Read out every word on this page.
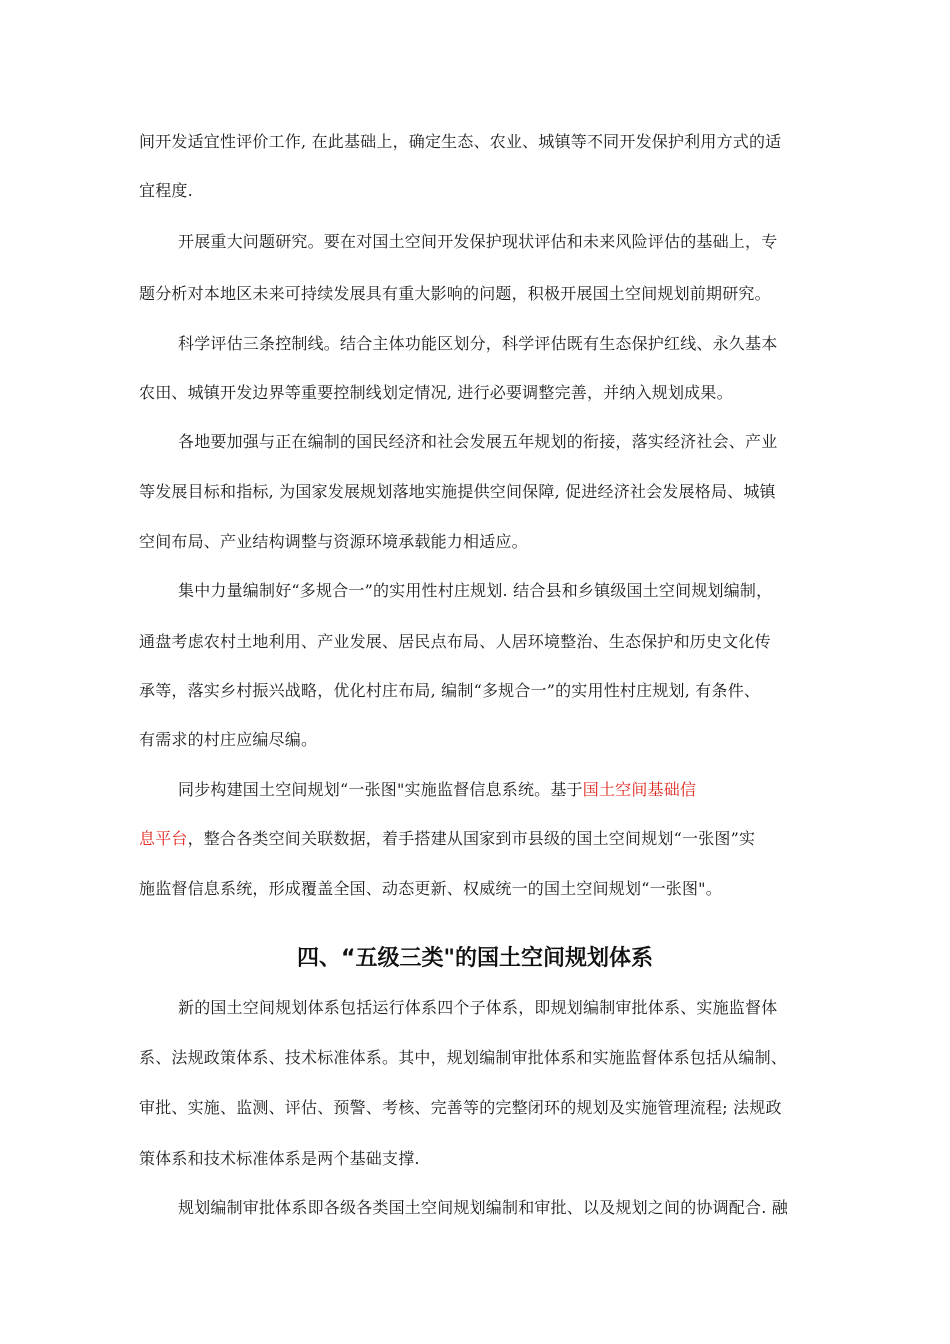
间开发适宜性评价工作, 在此基础上，确定生态、农业、城镇等不同开发保护利用方式的适
宜程度.
开展重大问题研究。要在对国土空间开发保护现状评估和未来风险评估的基础上，专
题分析对本地区未来可持续发展具有重大影响的问题，积极开展国土空间规划前期研究。
科学评估三条控制线。结合主体功能区划分，科学评估既有生态保护红线、永久基本
农田、城镇开发边界等重要控制线划定情况, 进行必要调整完善，并纳入规划成果。
各地要加强与正在编制的国民经济和社会发展五年规划的衔接，落实经济社会、产业
等发展目标和指标, 为国家发展规划落地实施提供空间保障, 促进经济社会发展格局、城镇
空间布局、产业结构调整与资源环境承载能力相适应。
集中力量编制好“多规合一”的实用性村庄规划. 结合县和乡镇级国土空间规划编制，
通盘考虑农村土地利用、产业发展、居民点布局、人居环境整治、生态保护和历史文化传
承等，落实乡村振兴战略，优化村庄布局, 编制“多规合一”的实用性村庄规划, 有条件、
有需求的村庄应编尽编。
同步构建国土空间规划“一张图"实施监督信息系统。基于国土空间基础信
息平台，整合各类空间关联数据，着手搭建从国家到市县级的国土空间规划“一张图”实
施监督信息系统，形成覆盖全国、动态更新、权威统一的国土空间规划“一张图"。
四、“五级三类"的国土空间规划体系
新的国土空间规划体系包括运行体系四个子体系，即规划编制审批体系、实施监督体
系、法规政策体系、技术标准体系。其中，规划编制审批体系和实施监督体系包括从编制、
审批、实施、监测、评估、预警、考核、完善等的完整闭环的规划及实施管理流程; 法规政
策体系和技术标准体系是两个基础支撑.
规划编制审批体系即各级各类国土空间规划编制和审批、以及规划之间的协调配合. 融
